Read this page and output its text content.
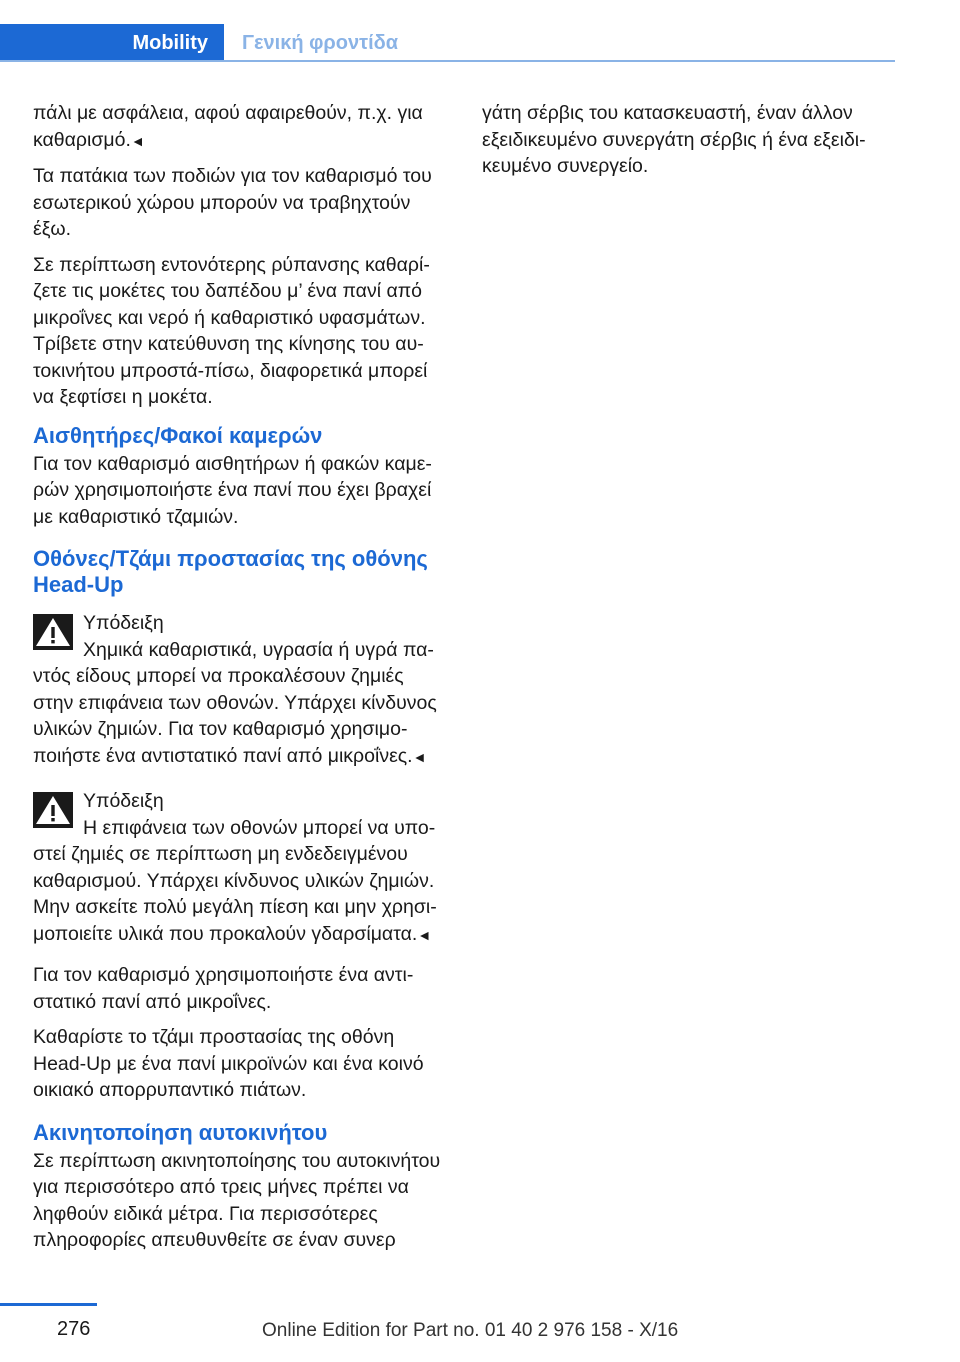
Mobility	Γενική φροντίδα

πάλι με ασφάλεια, αφού αφαιρεθούν, π.χ. για καθαρισμό.◄

Τα πατάκια των ποδιών για τον καθαρισμό του εσωτερικού χώρου μπορούν να τραβηχτούν έξω.

Σε περίπτωση εντονότερης ρύπανσης καθαρίζετε τις μοκέτες του δαπέδου μ’ ένα πανί από μικροΐνες και νερό ή καθαριστικό υφασμάτων. Τρίβετε στην κατεύθυνση της κίνησης του αυτοκινήτου μπροστά-πίσω, διαφορετικά μπορεί να ξεφτίσει η μοκέτα.

Αισθητήρες/Φακοί καμερών

Για τον καθαρισμό αισθητήρων ή φακών καμερών χρησιμοποιήστε ένα πανί που έχει βραχεί με καθαριστικό τζαμιών.

Οθόνες/Τζάμι προστασίας της οθόνης Head-Up
Υπόδειξη
Χημικά καθαριστικά, υγρασία ή υγρά παντός είδους μπορεί να προκαλέσουν ζημιές στην επιφάνεια των οθονών. Υπάρχει κίνδυνος υλικών ζημιών. Για τον καθαρισμό χρησιμοποιήστε ένα αντιστατικό πανί από μικροΐνες.◄
Υπόδειξη
Η επιφάνεια των οθονών μπορεί να υποστεί ζημιές σε περίπτωση μη ενδεδειγμένου καθαρισμού. Υπάρχει κίνδυνος υλικών ζημιών. Μην ασκείτε πολύ μεγάλη πίεση και μην χρησιμοποιείτε υλικά που προκαλούν γδαρσίματα.◄

Για τον καθαρισμό χρησιμοποιήστε ένα αντιστατικό πανί από μικροΐνες.

Καθαρίστε το τζάμι προστασίας της οθόνη Head-Up με ένα πανί μικροϊνών και ένα κοινό οικιακό απορρυπαντικό πιάτων.

Ακινητοποίηση αυτοκινήτου

Σε περίπτωση ακινητοποίησης του αυτοκινήτου για περισσότερο από τρεις μήνες πρέπει να ληφθούν ειδικά μέτρα. Για περισσότερες πληροφορίες απευθυνθείτε σε έναν συνερ

γάτη σέρβις του κατασκευαστή, έναν άλλον εξειδικευμένο συνεργάτη σέρβις ή ένα εξειδικευμένο συνεργείο.

276	Online Edition for Part no. 01 40 2 976 158 - X/16
